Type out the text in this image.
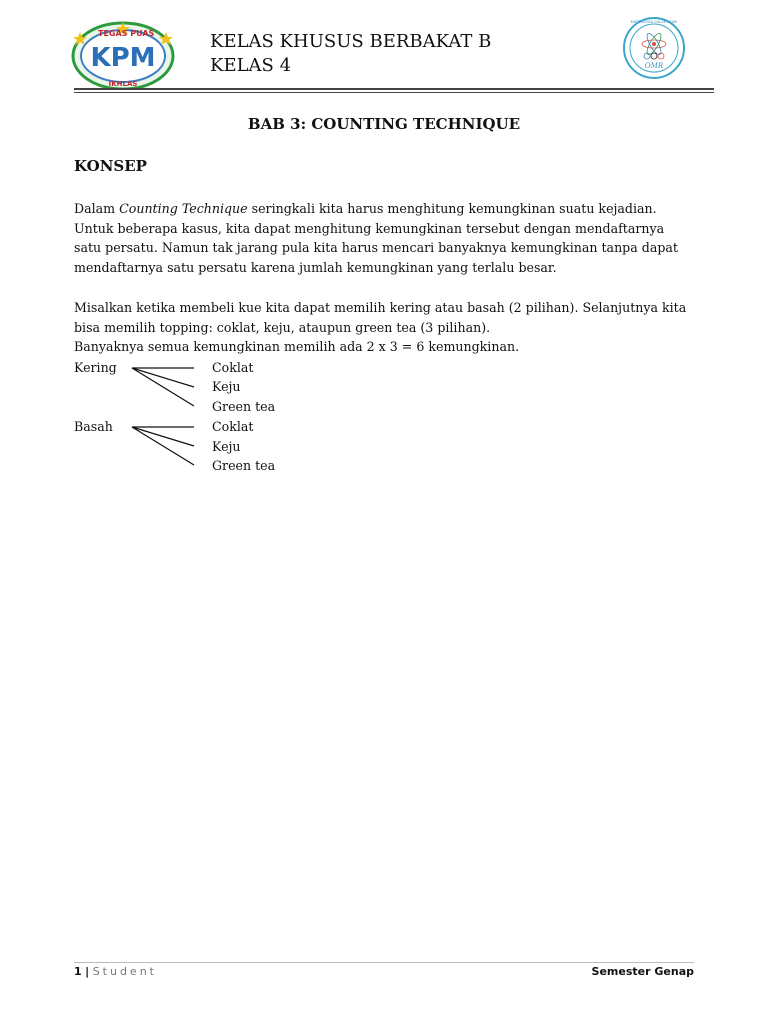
TEGAS PUAS
KPM
IKHLAS
MATEMATIKA GALAK ASIKK
OMR
KELAS KHUSUS BERBAKAT B
KELAS 4
BAB 3: COUNTING TECHNIQUE
KONSEP
Dalam Counting Technique seringkali kita harus menghitung kemungkinan suatu kejadian.
Untuk beberapa kasus, kita dapat menghitung kemungkinan tersebut dengan mendaftarnya
satu persatu. Namun tak jarang pula kita harus mencari banyaknya kemungkinan tanpa dapat
mendaftarnya satu persatu karena jumlah kemungkinan yang terlalu besar.
Misalkan ketika membeli kue kita dapat memilih kering atau basah (2 pilihan). Selanjutnya kita
bisa memilih topping: coklat, keju, ataupun green tea (3 pilihan).
Banyaknya semua kemungkinan memilih ada 2 x 3 = 6 kemungkinan.
Kering	Coklat
Keju
Green tea
Basah	Coklat
Keju
Green tea
1 | Student	Semester Genap
